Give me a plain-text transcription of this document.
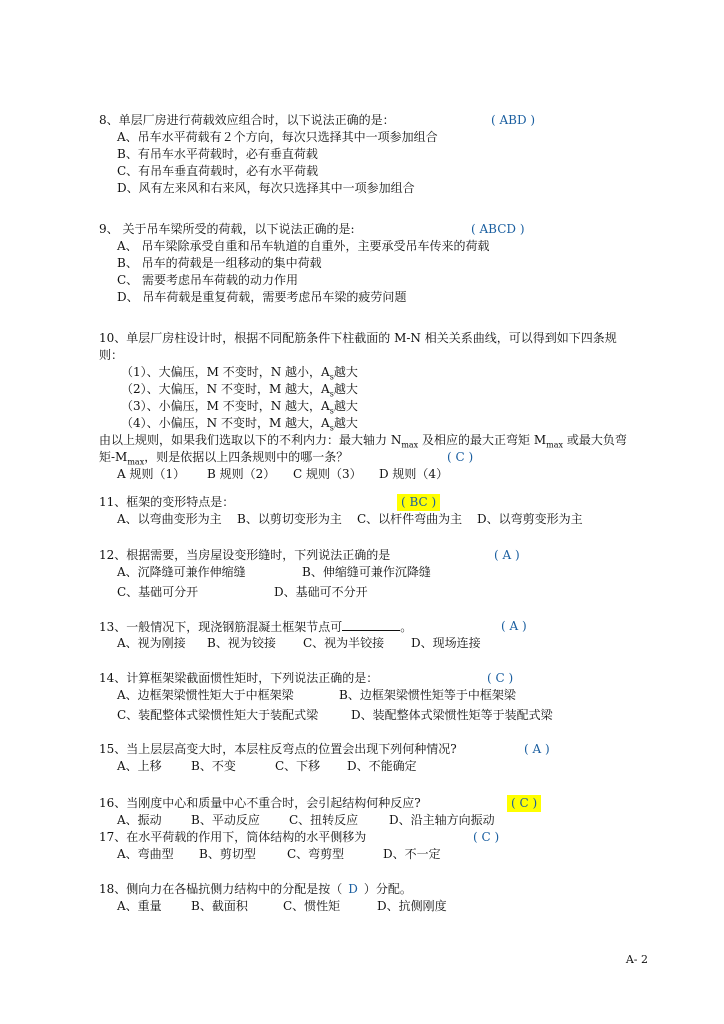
8、单层厂房进行荷载效应组合时，以下说法正确的是：	( ABD )
A、吊车水平荷载有２个方向，每次只选择其中一项参加组合
B、有吊车水平荷载时，必有垂直荷载
C、有吊车垂直荷载时，必有水平荷载
D、风有左来风和右来风，每次只选择其中一项参加组合
9、 关于吊车梁所受的荷载，以下说法正确的是:	( ABCD )
A、 吊车梁除承受自重和吊车轨道的自重外，主要承受吊车传来的荷载
B、 吊车的荷载是一组移动的集中荷载
C、 需要考虑吊车荷载的动力作用
D、 吊车荷载是重复荷载，需要考虑吊车梁的疲劳问题
10、单层厂房柱设计时，根据不同配筋条件下柱截面的 M-N 相关关系曲线，可以得到如下四条规
则：
（1）、大偏压，M 不变时，N 越小，$A_s$越大
（2）、大偏压，N 不变时，M 越大，$A_s$越大
（3）、小偏压，M 不变时，N 越大，$A_s$越大
（4）、小偏压，N 不变时，M 越大，$A_s$越大
由以上规则，如果我们选取以下的不利内力：最大轴力 $N_{max}$ 及相应的最大正弯矩 $M_{max}$ 或最大负弯
矩$-M_{max}$，则是依据以上四条规则中的哪一条？	( C )
A 规则（1） B 规则（2） C 规则（3） D 规则（4）
11、框架的变形特点是：	( BC )
A、以弯曲变形为主 B、以剪切变形为主 C、以杆件弯曲为主 D、以弯剪变形为主
12、根据需要，当房屋设变形缝时，下列说法正确的是	( A )
A、沉降缝可兼作伸缩缝	B、伸缩缝可兼作沉降缝
C、基础可分开	D、基础可不分开
13、一般情况下，现浇钢筋混凝土框架节点可	。	( A )
A、视为刚接 B、视为铰接 C、视为半铰接 D、现场连接
14、计算框架梁截面惯性矩时，下列说法正确的是：	( C )
A、边框架梁惯性矩大于中框架梁	B、边框架梁惯性矩等于中框架梁
C、装配整体式梁惯性矩大于装配式梁	D、装配整体式梁惯性矩等于装配式梁
15、当上层层高变大时，本层柱反弯点的位置会出现下列何种情况?	( A )
A、上移 B、不变	C、下移 D、不能确定
16、当刚度中心和质量中心不重合时，会引起结构何种反应?	( C )
A、振动 B、平动反应 C、扭转反应	D、沿主轴方向振动
17、在水平荷载的作用下，筒体结构的水平侧移为	( C )
A、弯曲型 B、剪切型	C、弯剪型	D、不一定
18、侧向力在各榀抗侧力结构中的分配是按（ D ）分配。
A、重量 B、截面积	C、惯性矩	D、抗侧刚度
A- 2
